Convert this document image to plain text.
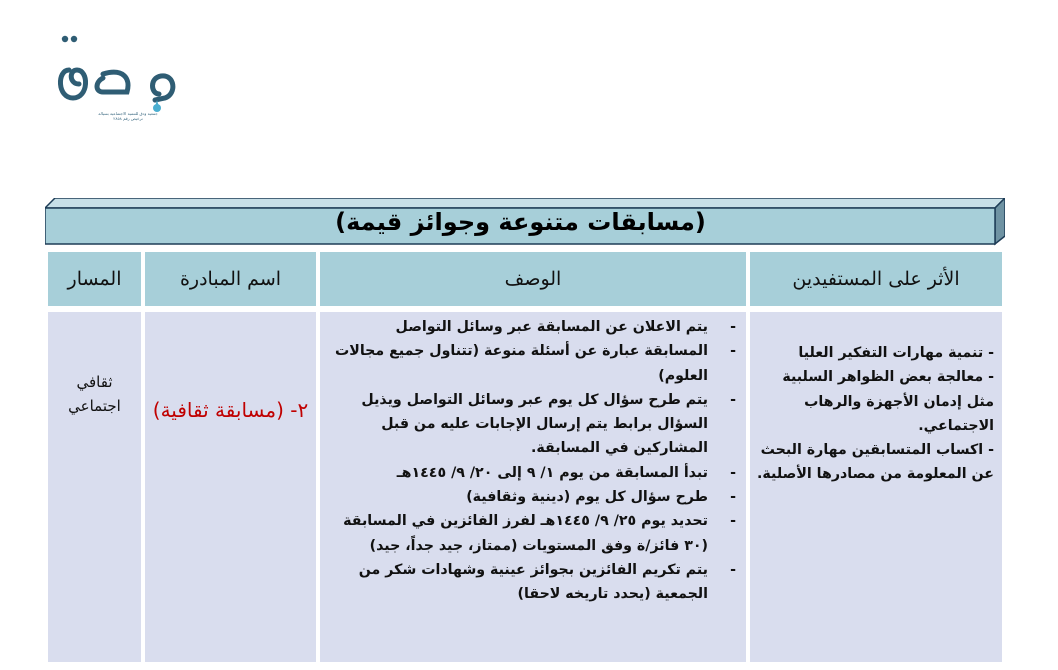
جمعية ودق للتنمية الاجتماعية بسيالة
ترخيص رقم ٢٨٥٨
(مسابقات متنوعة وجوائز قيمة)
الأثر على المستفيدين
الوصف
اسم المبادرة
المسار
- تنمية مهارات التفكير العليا
- معالجة بعض الظواهر السلبية مثل إدمان الأجهزة والرهاب الاجتماعي.
- اكساب المتسابقين مهارة البحث عن المعلومة من مصادرها الأصلية.
- يتم الاعلان عن المسابقة عبر وسائل التواصل
- المسابقة عبارة عن أسئلة منوعة (تتناول جميع مجالات العلوم)
- يتم طرح سؤال كل يوم عبر وسائل التواصل ويذيل السؤال برابط يتم إرسال الإجابات عليه من قبل المشاركين في المسابقة.
- تبدأ المسابقة من يوم ١/ ٩ إلى ٢٠/ ٩/ ١٤٤٥هـ
- طرح سؤال كل يوم (دينية وثقافية)
- تحديد يوم ٢٥/ ٩/ ١٤٤٥هـ لفرز الفائزين في المسابقة (٣٠ فائز/ة وفق المستويات (ممتاز، جيد جداً، جيد)
- يتم تكريم الفائزين بجوائز عينية وشهادات شكر من الجمعية (يحدد تاريخه لاحقا)
٢- (مسابقة ثقافية)
ثقافي
اجتماعي
